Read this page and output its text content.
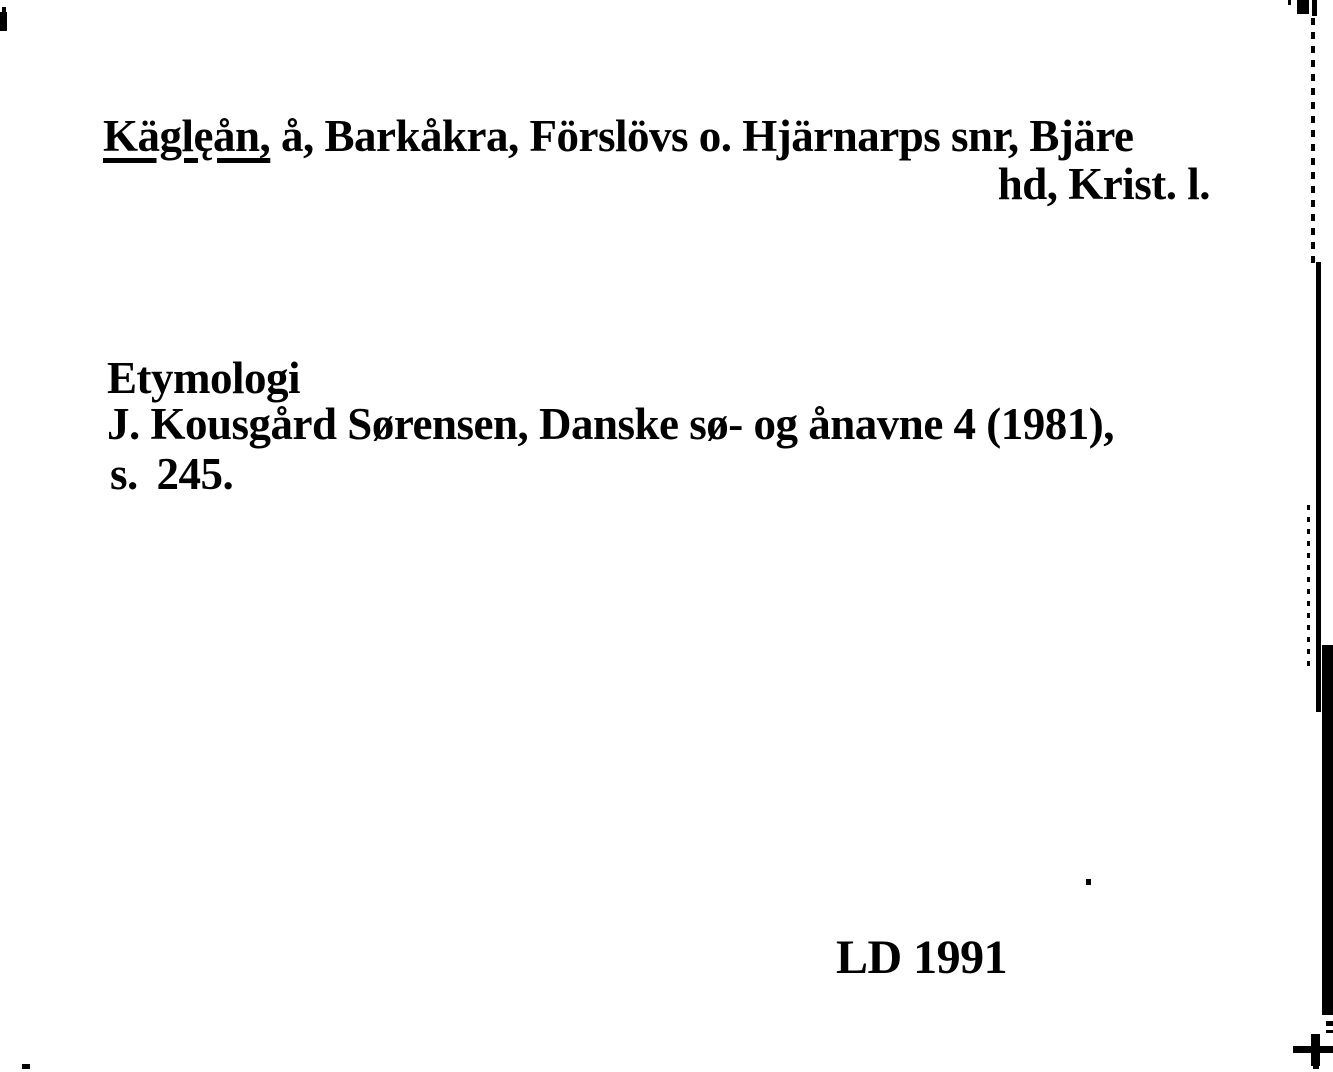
Käglęån, å, Barkåkra, Förslövs o. Hjärnarps snr, Bjäre
hd, Krist. l.
Etymologi
J. Kousgård Sørensen, Danske sø- og ånavne 4 (1981),
s. 245.
LD 1991
